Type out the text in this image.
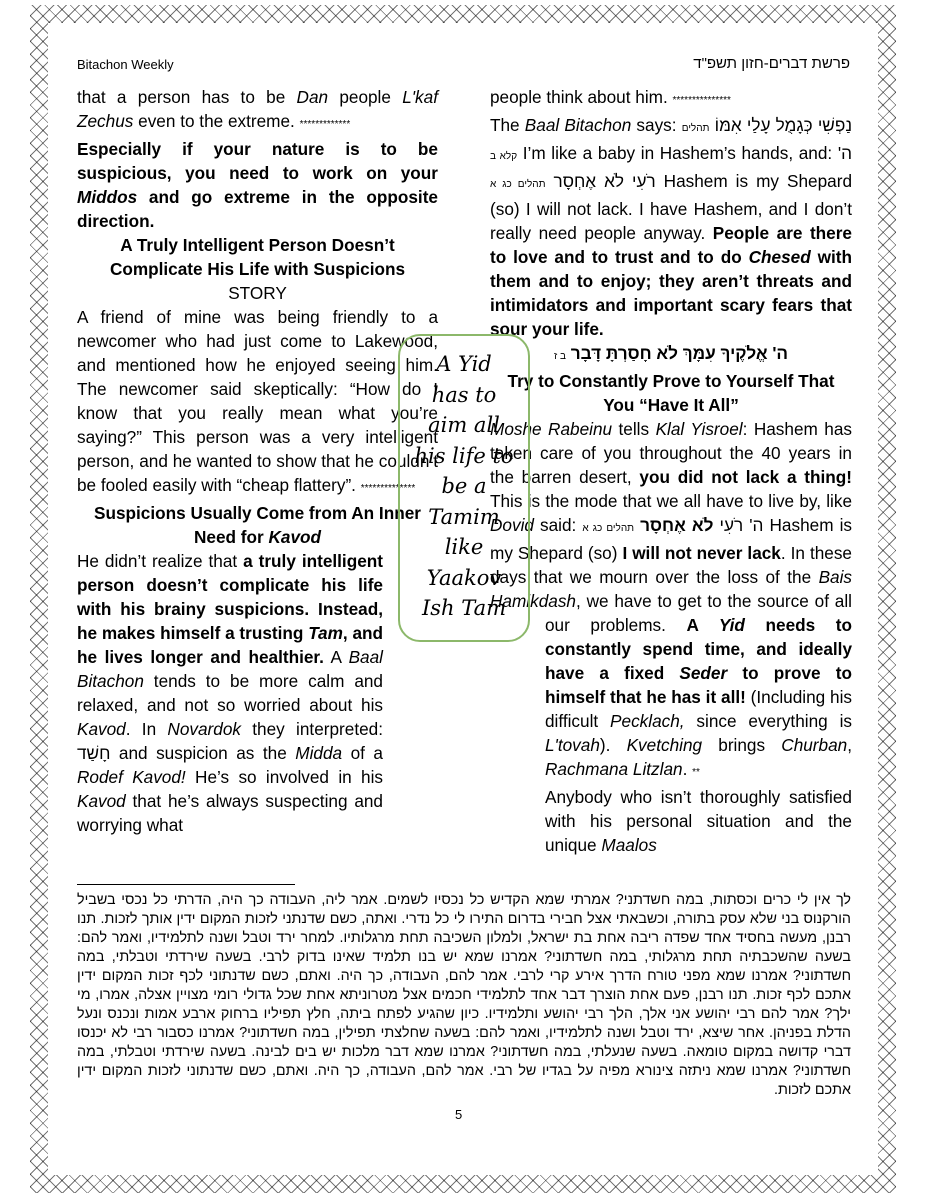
Bitachon Weekly	פרשת דברים-חזון תשפ"ד

that a person has to be Dan people L'kaf Zechus even to the extreme. *************

Especially if your nature is to be suspicious, you need to work on your Middos and go extreme in the opposite direction.

A Truly Intelligent Person Doesn’t Complicate His Life with Suspicions

STORY

A friend of mine was being friendly to a newcomer who had just come to Lakewood, and mentioned how he enjoyed seeing him. The newcomer said skeptically: “How do I know that you really mean what you’re saying?” This person was a very intelligent person, and he wanted to show that he couldn’t be fooled easily with “cheap flattery”. **************

Suspicions Usually Come from An Inner Need for Kavod

He didn’t realize that a truly intelligent person doesn’t complicate his life with his brainy suspicions. Instead, he makes himself a trusting Tam, and he lives longer and healthier. A Baal Bitachon tends to be more calm and relaxed, and not so worried about his Kavod. In Novardok they interpreted: חָשַׁד and suspicion as the Midda of a Rodef Kavod! He’s so involved in his Kavod that he’s always suspecting and worrying what

people think about him. ***************

The Baal Bitachon says: נַפְשִׁי כְּגָמֻל עָלַי אִמּוֹ תהלים קלא ב I’m like a baby in Hashem’s hands, and: ה' רֹעִי לֹא אֶחְסָר תהלים כג א	Hashem is my Shepard (so) I will not lack. I have Hashem, and I don’t really need people anyway. People are there to love and to trust and to do Chesed with them and to enjoy; they aren’t threats and intimidators and important scary fears that sour your life.

ה' אֱלֹקֶיךָ עִמָּךְ לֹא חָסַרְתָּ דָּבָר ב ז

Try to Constantly Prove to Yourself That You “Have It All”

Moshe Rabeinu tells Klal Yisroel: Hashem has taken care of you throughout the 40 years in the barren desert, you did not lack a thing! This is the mode that we all have to live by, like Dovid said:	ה' רֹעִי לֹא אֶחְסָר תהלים כג א	Hashem is my Shepard (so) I will not never lack. In these days that we mourn over the loss of the Bais Hamikdash, we have to get to the source of all our problems. A Yid needs to constantly spend time, and ideally have a fixed Seder to prove to himself that he has it all! (Including his difficult Pecklach, since everything is L'tovah). Kvetching brings Churban, Rachmana Litzlan. **

Anybody who isn’t thoroughly satisfied with his personal situation and the unique Maalos

A Yid
has to
aim all
his life to
be a
Tamim
like
Yaakov
Ish Tam
לך אין לי כרים וכסתות, במה חשדתני? אמרתי שמא הקדיש כל נכסיו לשמים. אמר ליה, העבודה כך היה, הדרתי כל נכסי בשביל הורקנוס בני שלא עסק בתורה, וכשבאתי אצל חבירי בדרום התירו לי כל נדרי. ואתה, כשם שדנתני לזכות המקום ידין אותך לזכות. תנו רבנן, מעשה בחסיד אחד שפדה ריבה אחת בת ישראל, ולמלון השכיבה תחת מרגלותיו. למחר ירד וטבל ושנה לתלמידיו, ואמר להם: בשעה שהשכבתיה תחת מרגלותי, במה חשדתוני? אמרנו שמא יש בנו תלמיד שאינו בדוק לרבי. בשעה שירדתי וטבלתי, במה חשדתוני? אמרנו שמא מפני טורח הדרך אירע קרי לרבי. אמר להם, העבודה, כך היה. ואתם, כשם שדנתוני לכף זכות המקום ידין אתכם לכף זכות. תנו רבנן, פעם אחת הוצרך דבר אחד לתלמידי חכמים אצל מטרוניתא אחת שכל גדולי רומי מצויין אצלה, אמרו, מי ילך? אמר להם רבי יהושע אני אלך, הלך רבי יהושע ותלמידיו. כיון שהגיע לפתח ביתה, חלץ תפיליו ברחוק ארבע אמות ונכנס ונעל הדלת בפניהן. אחר שיצא, ירד וטבל ושנה לתלמידיו, ואמר להם: בשעה שחלצתי תפילין, במה חשדתוני? אמרנו כסבור רבי לא יכנסו דברי קדושה במקום טומאה. בשעה שנעלתי, במה חשדתוני? אמרנו שמא דבר מלכות יש בים לבינה. בשעה שירדתי וטבלתי, במה חשדתוני? אמרנו שמא ניתזה צינורא מפיה על בגדיו של רבי. אמר להם, העבודה, כך היה. ואתם, כשם שדנתוני לזכות המקום ידין אתכם לזכות.
5
